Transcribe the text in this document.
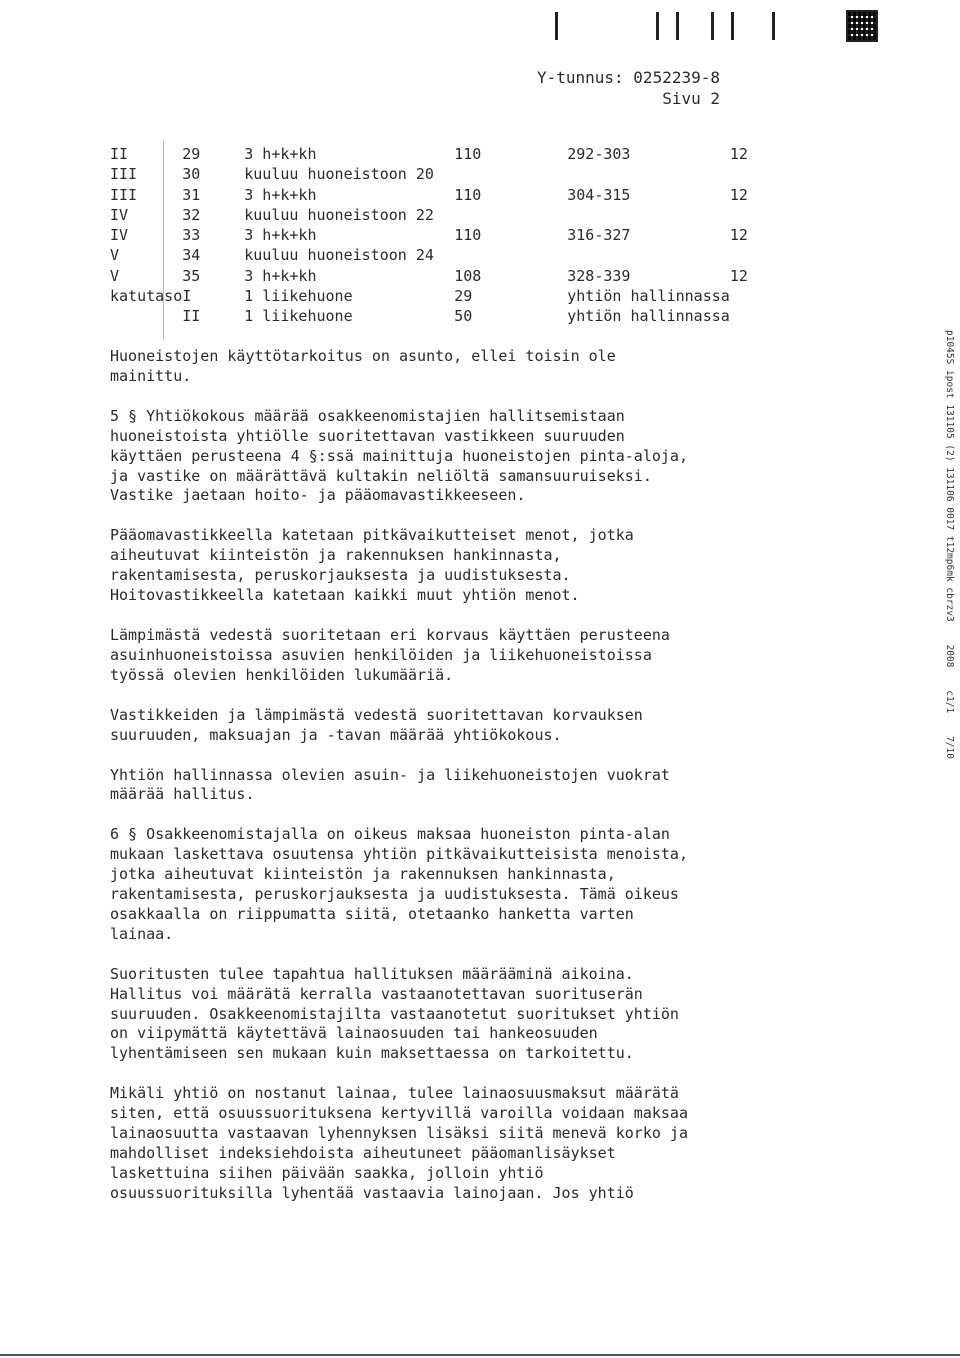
Y-tunnus: 0252239-8
Sivu 2
II	29	3 h+k+kh	110	292-303	12
III	30	kuuluu huoneistoon 20			
III	31	3 h+k+kh	110	304-315	12
IV	32	kuuluu huoneistoon 22			
IV	33	3 h+k+kh	110	316-327	12
V	34	kuuluu huoneistoon 24			
V	35	3 h+k+kh	108	328-339	12
katutaso	I	1 liikehuone	29	yhtiön hallinnassa	
	II	1 liikehuone	50	yhtiön hallinnassa	

Huoneistojen käyttötarkoitus on asunto, ellei toisin ole
mainittu.

5 § Yhtiökokous määrää osakkeenomistajien hallitsemistaan
huoneistoista yhtiölle suoritettavan vastikkeen suuruuden
käyttäen perusteena 4 §:ssä mainittuja huoneistojen pinta-aloja,
ja vastike on määrättävä kultakin neliöltä samansuuruiseksi.
Vastike jaetaan hoito- ja pääomavastikkeeseen.

Pääomavastikkeella katetaan pitkävaikutteiset menot, jotka
aiheutuvat kiinteistön ja rakennuksen hankinnasta,
rakentamisesta, peruskorjauksesta ja uudistuksesta.
Hoitovastikkeella katetaan kaikki muut yhtiön menot.

Lämpimästä vedestä suoritetaan eri korvaus käyttäen perusteena
asuinhuoneistoissa asuvien henkilöiden ja liikehuoneistoissa
työssä olevien henkilöiden lukumääriä.

Vastikkeiden ja lämpimästä vedestä suoritettavan korvauksen
suuruuden, maksuajan ja -tavan määrää yhtiökokous.

Yhtiön hallinnassa olevien asuin- ja liikehuoneistojen vuokrat
määrää hallitus.

6 § Osakkeenomistajalla on oikeus maksaa huoneiston pinta-alan
mukaan laskettava osuutensa yhtiön pitkävaikutteisista menoista,
jotka aiheutuvat kiinteistön ja rakennuksen hankinnasta,
rakentamisesta, peruskorjauksesta ja uudistuksesta. Tämä oikeus
osakkaalla on riippumatta siitä, otetaanko hanketta varten
lainaa.

Suoritusten tulee tapahtua hallituksen määrääminä aikoina.
Hallitus voi määrätä kerralla vastaanotettavan suorituserän
suuruuden. Osakkeenomistajilta vastaanotetut suoritukset yhtiön
on viipymättä käytettävä lainaosuuden tai hankeosuuden
lyhentämiseen sen mukaan kuin maksettaessa on tarkoitettu.

Mikäli yhtiö on nostanut lainaa, tulee lainaosuusmaksut määrätä
siten, että osuussuorituksena kertyvillä varoilla voidaan maksaa
lainaosuutta vastaavan lyhennyksen lisäksi siitä menevä korko ja
mahdolliset indeksiehdoista aiheutuneet pääomanlisäykset
laskettuina siihen päivään saakka, jolloin yhtiö
osuussuorituksilla lyhentää vastaavia lainojaan. Jos yhtiö

p1045S ipost 131105 (2) 131106 0017 t12mp6mk cbrzv3    2008    c1/1    7/10
